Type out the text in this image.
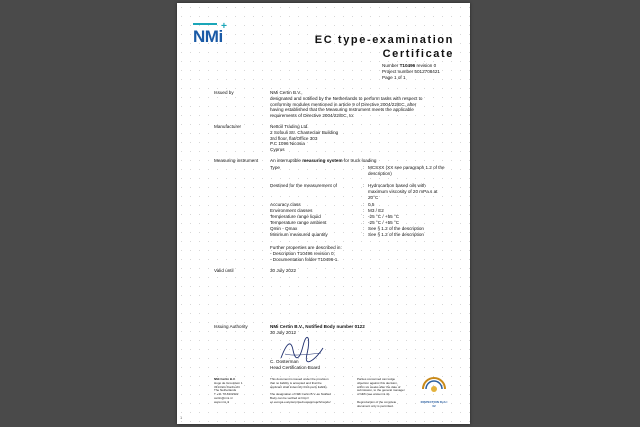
NMi
+
EC type-examination
Certificate
Number T10496 revision 0
Project number 5012708421
Page 1 of 1
Issued by	NMi Certin B.V.,
designated and notified by the Netherlands to perform tasks with respect to
conformity modules mentioned in article 9 of Directive 2004/22/EC, after
having established that the Measuring Instrument meets the applicable
requirements of Directive 2004/22/EC, to:
Manufacturer	Nettoil Trading Ltd.
2 Sofouli Str. Chanteclair Building
3rd floor, flat/Office 303
P.C 1096 Nicosia
Cyprus
Measuring instrument	An interruptible measuring system for truck loading
Type	: MCSXX (XX see paragraph 1.2 of the
description)
Destined for the measurement of	: Hydrocarbon based oils with
maximum viscosity of 20 mPa.s at
20°C
Accuracy class	: 0,5
Environment classes	: M3 / E2
Temperature range liquid	: -25 °C / +55 °C
Temperature range ambient	: -25 °C / +55 °C
Qmin - Qmax	: See § 1.2 of the description
Minimum measured quantity	: See § 1.2 of the description
Further properties are described in:
- Description T10496 revision 0;
- Documentation folder T10496-1.
Valid until	30 July 2022
Issuing Authority	NMi Certin B.V., Notified Body number 0122
30 July 2012
C. Oosterman
Head Certification Board
NMi Certin B.V.
Hugo de Grootplein 1
3314 EG Dordrecht
The Netherlands
T +31 78 6332332
certin@nmi.nl
www.nmi.nl
This document is issued under the provision
that no liability is accepted and that the
applicant shall indemnify third-party liability.

The designation of NMi Certin B.V. as Notified
Body can be verified at http://
ec.europa.eu/enterprise/newapproach/nando/
Parties concerned can lodge
objection against this decision,
within six weeks after the date of
submission, to the general manager
of NMi (see www.nmi.nl).

Reproduction of the complete
document only is permitted.
INSPECTION RvA I 02
1
